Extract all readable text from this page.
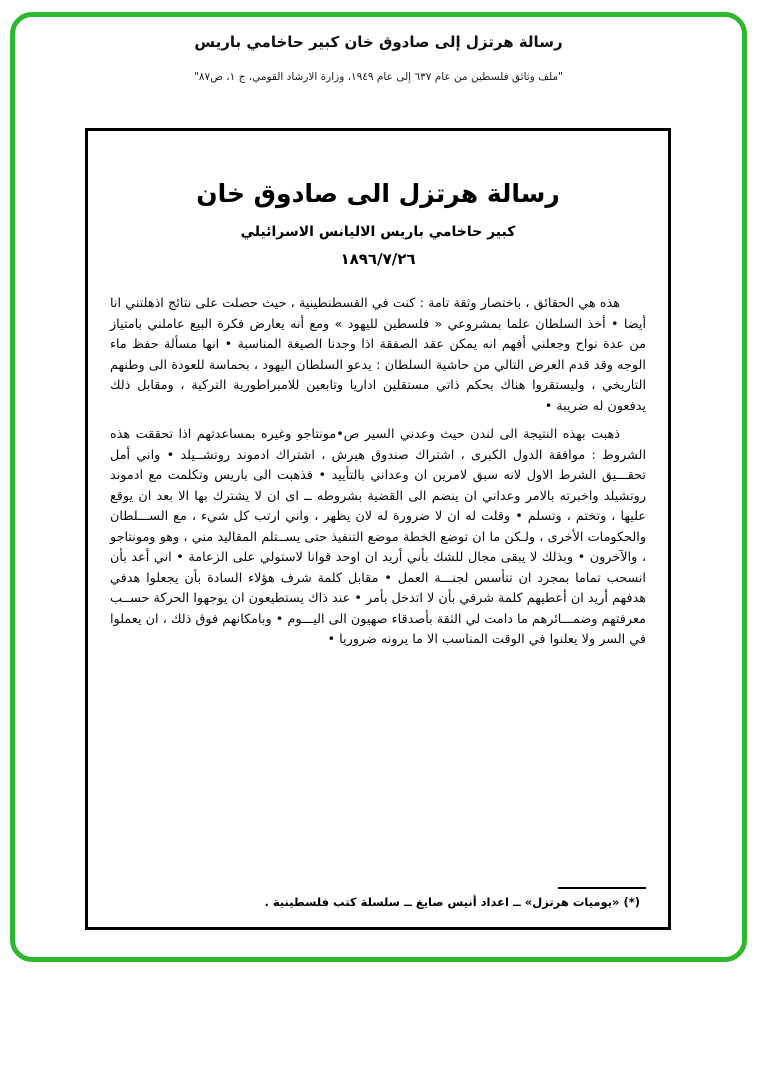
رسالة هرتزل إلى صادوق خان كبير حاخامي باريس
"ملف وثائق فلسطين من عام ٦٣٧ إلى عام ١٩٤٩، وزارة الارشاد القومي، ج ١، ص٨٧"
رسالة هرتزل الى صادوق خان
كبير حاخامي باريس الاليانس الاسرائيلي
١٨٩٦/٧/٢٦

هذه هي الحقائق ، باختصار وثقة تامة : كنت في القسطنطينية ، حيث حصلت على نتائج اذهلتني انا أيضا • أخذ السلطان علما بمشروعي « فلسطين لليهود » ومع أنه يعارض فكرة البيع عاملني بامتياز من عدة نواح وجعلني أفهم انه يمكن عقد الصفقة اذا وجدنا الصيغة المناسبة • انها مسألة حفظ ماء الوجه وقد قدم العرض التالي من حاشية السلطان : يدعو السلطان اليهود ، بحماسة للعودة الى وطنهم التاريخي ، وليستقروا هناك بحكم ذاتي مستقلين اداريا وتابعين للامبراطورية التركية ، ومقابل ذلك يدفعون له ضريبة •

ذهبت بهذه النتيجة الى لندن حيث وعدني السير ص•مونتاجو وغيره بمساعدتهم اذا تحققت هذه الشروط : موافقة الدول الكبرى ، اشتراك صندوق هيرش ، اشتراك ادموند روتشــيلد • واني أمل تحقـــيق الشرط الاول لانه سبق لامرين ان وعداني بالتأييد • فذهبت الى باريس وتكلمت مع ادموند روتشيلد واخبرته بالامر وعداني ان ينضم الى القضية بشروطه ــ اى ان لا يشترك بها الا بعد ان يوقع عليها ، وتختم ، وتسلم • وقلت له ان لا ضرورة له لان يظهر ، واني ارتب كل شيء ، مع الســـلطان والحكومات الأخرى ، ولـكن ما ان توضع الخطة موضع التنفيذ حتى يســتلم المقاليد مني ، وهو ومونتاجو ، والآخرون • وبذلك لا يبقى مجال للشك بأني أريد ان اوحد قوانا لاستولي على الزعامة • اني أعد بأن انسحب تماما بمجرد ان تتأسس لجنـــة العمل • مقابل كلمة شرف هؤلاء السادة بأن يجعلوا هدفي هدفهم أريد ان أعطيهم كلمة شرفي بأن لا اتدخل بأمر • عند ذاك يستطيعون ان يوجهوا الحركة حســب معرفتهم وضمـــائرهم ما دامت لي الثقة بأصدقاء صهيون الى اليـــوم • وبامكانهم فوق ذلك ، ان يعملوا في السر ولا يعلنوا في الوقت المناسب الا ما يرونه ضروريا •

(*) «يوميات هرتزل» ــ اعداد أنيس صايغ ــ سلسلة كتب فلسطينية .
